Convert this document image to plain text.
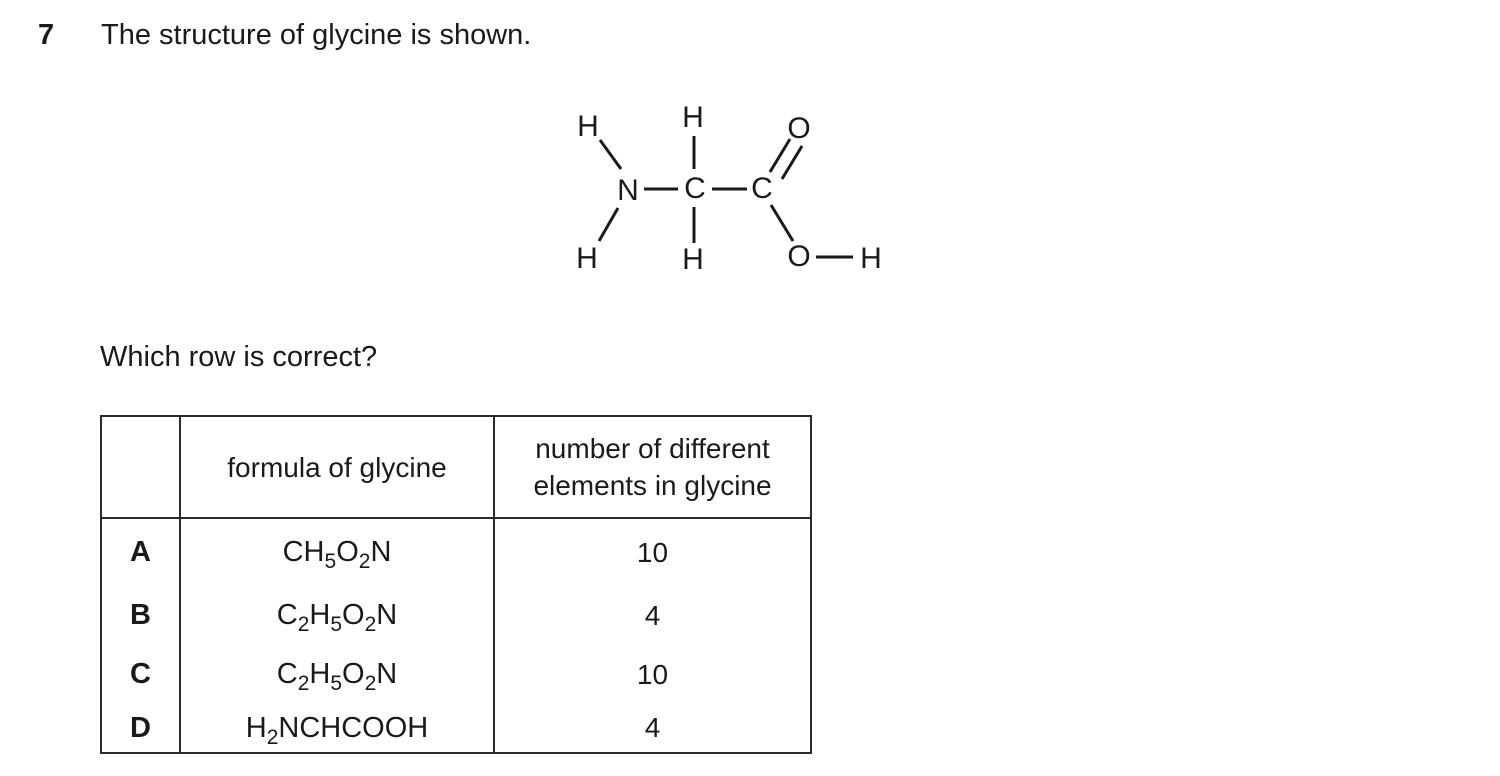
7 The structure of glycine is shown.
H
H
N C
H
H
C
O
O H
Which row is correct?
	formula of glycine	number of different elements in glycine
A	$CH_5O_2N$	10
B	$C_2H_5O_2N$	4
C	$C_2H_5O_2N$	10
D	$H_2NCHCOOH$	4
